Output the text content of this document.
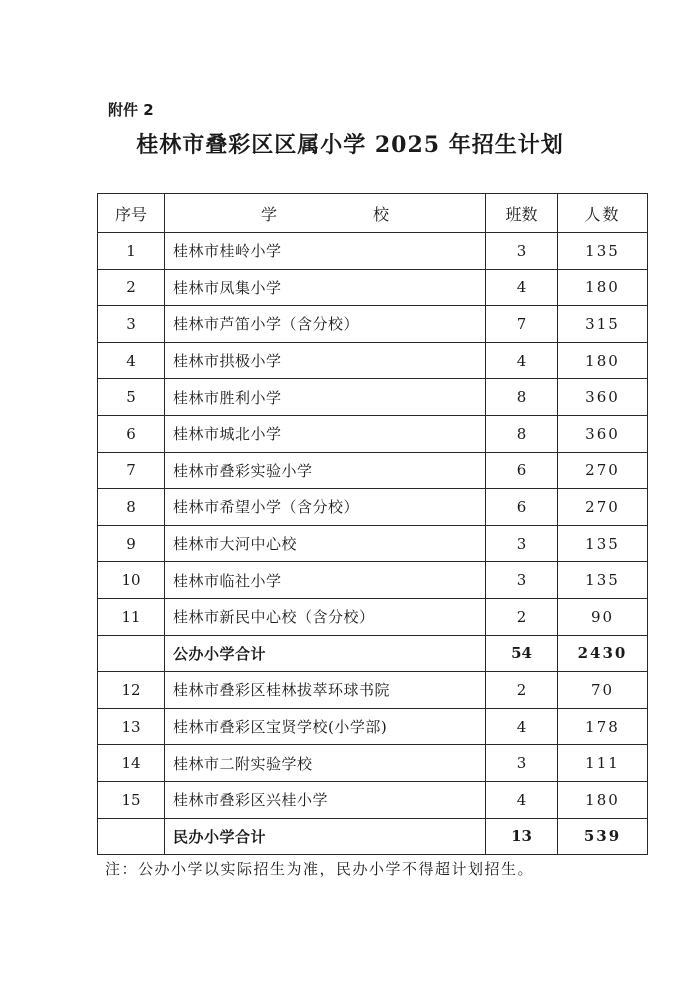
附件 2
桂林市叠彩区区属小学 2025 年招生计划
序号	学　校	班数	人数
1	桂林市桂岭小学	3	135
2	桂林市凤集小学	4	180
3	桂林市芦笛小学（含分校）	7	315
4	桂林市拱极小学	4	180
5	桂林市胜利小学	8	360
6	桂林市城北小学	8	360
7	桂林市叠彩实验小学	6	270
8	桂林市希望小学（含分校）	6	270
9	桂林市大河中心校	3	135
10	桂林市临社小学	3	135
11	桂林市新民中心校（含分校）	2	90
	公办小学合计	54	2430
12	桂林市叠彩区桂林拔萃环球书院	2	70
13	桂林市叠彩区宝贤学校(小学部)	4	178
14	桂林市二附实验学校	3	111
15	桂林市叠彩区兴桂小学	4	180
	民办小学合计	13	539
注：公办小学以实际招生为准，民办小学不得超计划招生。
